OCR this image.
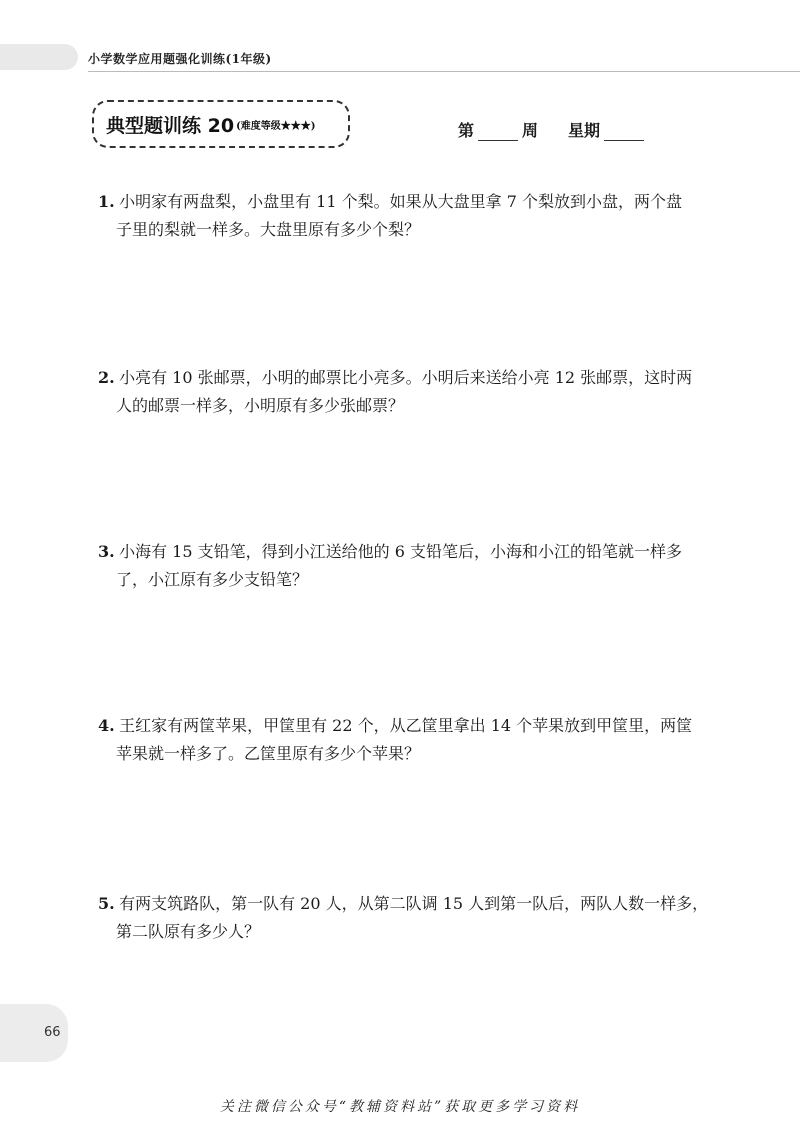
小学数学应用题强化训练(1年级)
典型题训练 20 (难度等级★★★)	第	周 星期
1. 小明家有两盘梨，小盘里有 11 个梨。如果从大盘里拿 7 个梨放到小盘，两个盘
子里的梨就一样多。大盘里原有多少个梨？
2. 小亮有 10 张邮票，小明的邮票比小亮多。小明后来送给小亮 12 张邮票，这时两
人的邮票一样多，小明原有多少张邮票？
3. 小海有 15 支铅笔，得到小江送给他的 6 支铅笔后，小海和小江的铅笔就一样多
了，小江原有多少支铅笔？
4. 王红家有两筐苹果，甲筐里有 22 个，从乙筐里拿出 14 个苹果放到甲筐里，两筐
苹果就一样多了。乙筐里原有多少个苹果？
5. 有两支筑路队，第一队有 20 人，从第二队调 15 人到第一队后，两队人数一样多，
第二队原有多少人？
66
关注微信公众号“教辅资料站”获取更多学习资料
